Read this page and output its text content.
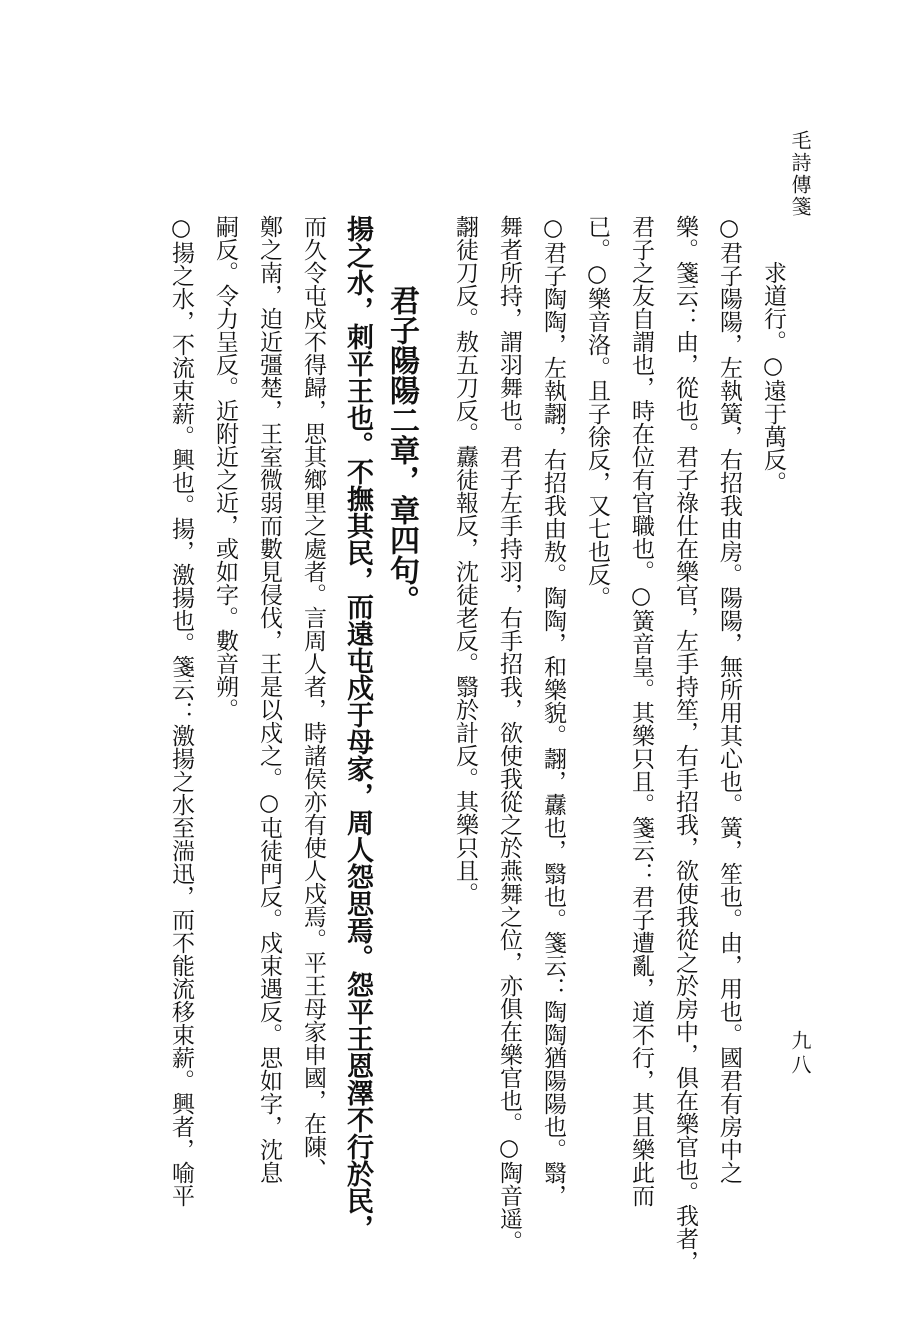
毛詩傳箋
求道行。○遠于萬反。
○君子陽陽，左執簧，右招我由房。陽陽，無所用其心也。簧，笙也。由，用也。國君有房中之
樂。箋云：由，從也。君子祿仕在樂官，左手持笙，右手招我，欲使我從之於房中，俱在樂官也。我者，
君子之友自謂也，時在位有官職也。○簧音皇。其樂只且。箋云：君子遭亂，道不行，其且樂此而
已。○樂音洛。且子徐反，又七也反。
○君子陶陶，左執翿，右招我由敖。陶陶，和樂貌。翿，纛也，翳也。箋云：陶陶猶陽陽也。翳，
舞者所持，謂羽舞也。君子左手持羽，右手招我，欲使我從之於燕舞之位，亦俱在樂官也。○陶音遥。
翿徒刀反。敖五刀反。纛徒報反，沈徒老反。翳於計反。其樂只且。
君子陽陽二章，章四句。
揚之水，刺平王也。不撫其民，而遠屯戍于母家，周人怨思焉。怨平王恩澤不行於民，
而久令屯戍不得歸，思其鄉里之處者。言周人者，時諸侯亦有使人戍焉。平王母家申國，在陳、
鄭之南，迫近彊楚，王室微弱而數見侵伐，王是以戍之。○屯徒門反。戍束遇反。思如字，沈息
嗣反。令力呈反。近附近之近，或如字。數音朔。
○揚之水，不流束薪。興也。揚，激揚也。箋云：激揚之水至湍迅，而不能流移束薪。興者，喻平	九八
